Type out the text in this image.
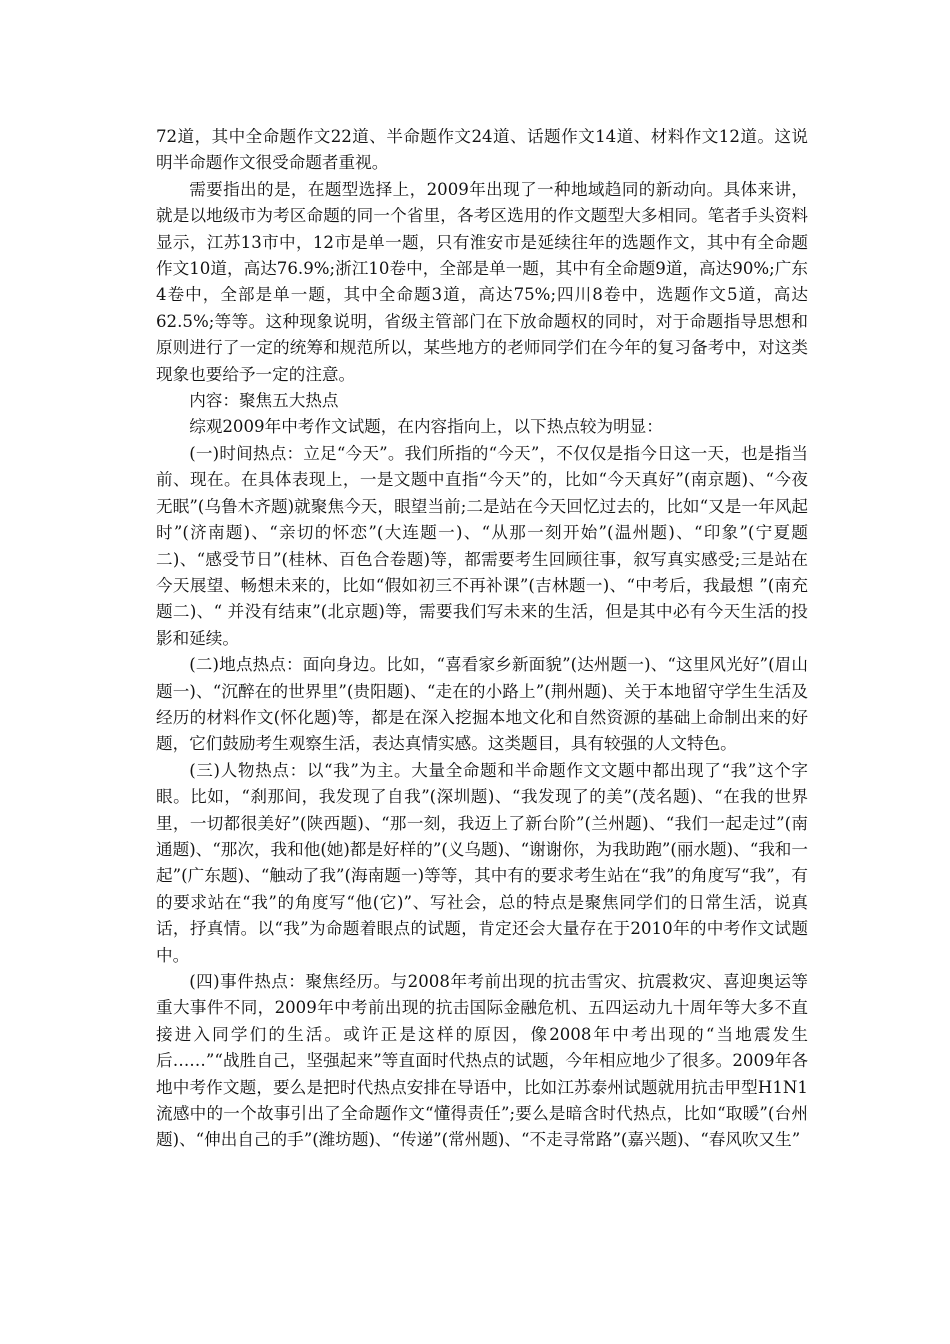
72道，其中全命题作文22道、半命题作文24道、话题作文14道、材料作文12道。这说明半命题作文很受命题者重视。

需要指出的是，在题型选择上，2009年出现了一种地域趋同的新动向。具体来讲，就是以地级市为考区命题的同一个省里，各考区选用的作文题型大多相同。笔者手头资料显示，江苏13市中，12市是单一题，只有淮安市是延续往年的选题作文，其中有全命题作文10道，高达76.9%;浙江10卷中，全部是单一题，其中有全命题9道，高达90%;广东4卷中，全部是单一题，其中全命题3道，高达75%;四川8卷中，选题作文5道，高达62.5%;等等。这种现象说明，省级主管部门在下放命题权的同时，对于命题指导思想和原则进行了一定的统筹和规范所以，某些地方的老师同学们在今年的复习备考中，对这类现象也要给予一定的注意。

内容：聚焦五大热点

综观2009年中考作文试题，在内容指向上，以下热点较为明显：

(一)时间热点：立足“今天”。我们所指的“今天”，不仅仅是指今日这一天，也是指当前、现在。在具体表现上，一是文题中直指“今天”的，比如“今天真好”(南京题)、“今夜无眠”(乌鲁木齐题)就聚焦今天，眼望当前;二是站在今天回忆过去的，比如“又是一年风起时”(济南题)、“亲切的怀恋”(大连题一)、“从那一刻开始”(温州题)、“印象”(宁夏题二)、“感受节日”(桂林、百色合卷题)等，都需要考生回顾往事，叙写真实感受;三是站在今天展望、畅想未来的，比如“假如初三不再补课”(吉林题一)、“中考后，我最想 ”(南充题二)、“ 并没有结束”(北京题)等，需要我们写未来的生活，但是其中必有今天生活的投影和延续。

(二)地点热点：面向身边。比如，“喜看家乡新面貌”(达州题一)、“这里风光好”(眉山题一)、“沉醉在的世界里”(贵阳题)、“走在的小路上”(荆州题)、关于本地留守学生生活及经历的材料作文(怀化题)等，都是在深入挖掘本地文化和自然资源的基础上命制出来的好题，它们鼓励考生观察生活，表达真情实感。这类题目，具有较强的人文特色。

(三)人物热点：以“我”为主。大量全命题和半命题作文文题中都出现了“我”这个字眼。比如，“刹那间，我发现了自我”(深圳题)、“我发现了的美”(茂名题)、“在我的世界里，一切都很美好”(陕西题)、“那一刻，我迈上了新台阶”(兰州题)、“我们一起走过”(南通题)、“那次，我和他(她)都是好样的”(义乌题)、“谢谢你，为我助跑”(丽水题)、“我和一起”(广东题)、“触动了我”(海南题一)等等，其中有的要求考生站在“我”的角度写“我”，有的要求站在“我”的角度写“他(它)”、写社会，总的特点是聚焦同学们的日常生活，说真话，抒真情。以“我”为命题着眼点的试题，肯定还会大量存在于2010年的中考作文试题中。

(四)事件热点：聚焦经历。与2008年考前出现的抗击雪灾、抗震救灾、喜迎奥运等重大事件不同，2009年中考前出现的抗击国际金融危机、五四运动九十周年等大多不直接进入同学们的生活。或许正是这样的原因，像2008年中考出现的“当地震发生后……”“战胜自己，坚强起来”等直面时代热点的试题，今年相应地少了很多。2009年各地中考作文题，要么是把时代热点安排在导语中，比如江苏泰州试题就用抗击甲型H1N1流感中的一个故事引出了全命题作文“懂得责任”;要么是暗含时代热点，比如“取暖”(台州题)、“伸出自己的手”(潍坊题)、“传递”(常州题)、“不走寻常路”(嘉兴题)、“春风吹又生”
